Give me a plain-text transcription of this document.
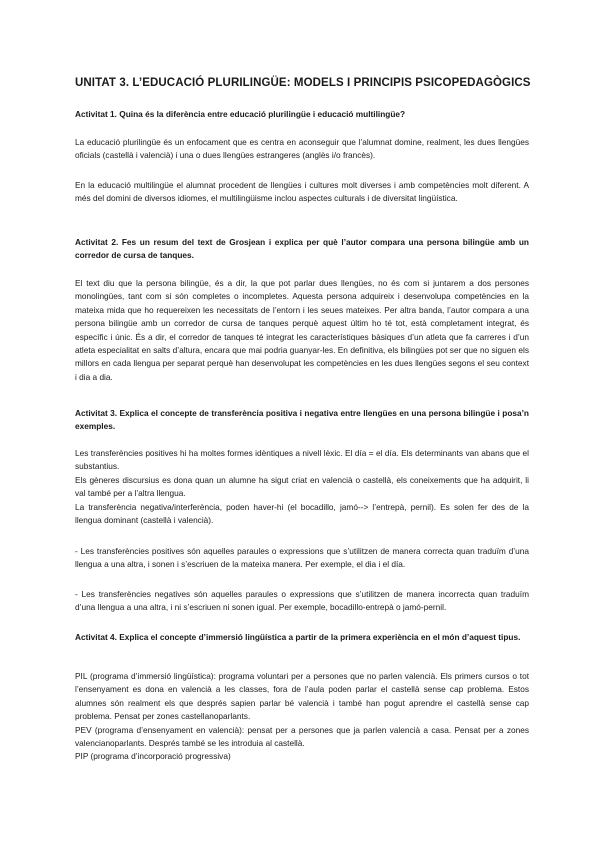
UNITAT 3. L’EDUCACIÓ PLURILINGÜE: MODELS I PRINCIPIS PSICOPEDAGÒGICS
Activitat 1. Quina és la diferència entre educació plurilingüe i educació multilingüe?
La educació plurilingüe és un enfocament que es centra en aconseguir que l’alumnat domine, realment, les dues llengües oficials (castellà i valencià) i una o dues llengües estrangeres (anglès i/o francès).
En la educació multilingüe el alumnat procedent de llengües i cultures molt diverses i amb competències molt diferent. A més del domini de diversos idiomes, el multilingüisme inclou aspectes culturals i de diversitat lingüística.
Activitat 2. Fes un resum del text de Grosjean i explica per què l’autor compara una persona bilingüe amb un corredor de cursa de tanques.
El text diu que la persona bilingüe, és a dir, la que pot parlar dues llengües, no és com si juntarem a dos persones monolingües, tant com si són completes o incompletes. Aquesta persona adquireix i desenvolupa competències en la mateixa mida que ho requereixen les necessitats de l’entorn i les seues mateixes. Per altra banda, l’autor compara a una persona bilingüe amb un corredor de cursa de tanques perquè aquest últim ho té tot, està completament integrat, és específic i únic. És a dir, el corredor de tanques té integrat les característiques bàsiques d’un atleta que fa carreres i d’un atleta especialitat en salts d’altura, encara que mai podria guanyar-les. En definitiva, els bilingües pot ser que no siguen els millors en cada llengua per separat perquè han desenvolupat les competències en les dues llengües segons el seu context i dia a dia.
Activitat 3. Explica el concepte de transferència positiva i negativa entre llengües en una persona bilingüe i posa’n exemples.

Les transferències positives hi ha moltes formes idèntiques a nivell lèxic. El día = el día. Els determinants van abans que el substantius.

Els gèneres discursius es dona quan un alumne ha sigut criat en valencià o castellà, els coneixements que ha adquirit, li val també per a l’altra llengua.

La transferència negativa/interferència, poden haver-hi (el bocadillo, jamó--> l’entrepà, pernil). Es solen fer des de la llengua dominant (castellà i valencià).

- Les transferències positives són aquelles paraules o expressions que s’utilitzen de manera correcta quan traduïm d’una llengua a una altra, i sonen i s’escriuen de la mateixa manera. Per exemple, el dia i el día.
- Les transferències negatives són aquelles paraules o expressions que s’utilitzen de manera incorrecta quan traduïm d’una llengua a una altra, i ni s’escriuen ni sonen igual. Per exemple, bocadillo-entrepà o jamó-pernil.
Activitat 4. Explica el concepte d’immersió lingüística a partir de la primera experiència en el món d’aquest tipus.

PIL (programa d’immersió lingüística): programa voluntari per a persones que no parlen valencià. Els primers cursos o tot l’ensenyament es dona en valencià a les classes, fora de l’aula poden parlar el castellà sense cap problema. Estos alumnes són realment els que després sapien parlar bé valencià i també han pogut aprendre el castellà sense cap problema. Pensat per zones castellanoparlants.

PEV (programa d’ensenyament en valencià): pensat per a persones que ja parlen valencià a casa. Pensat per a zones valencianoparlants. Després també se les introduia al castellà.

PIP (programa d’incorporació progressiva)
